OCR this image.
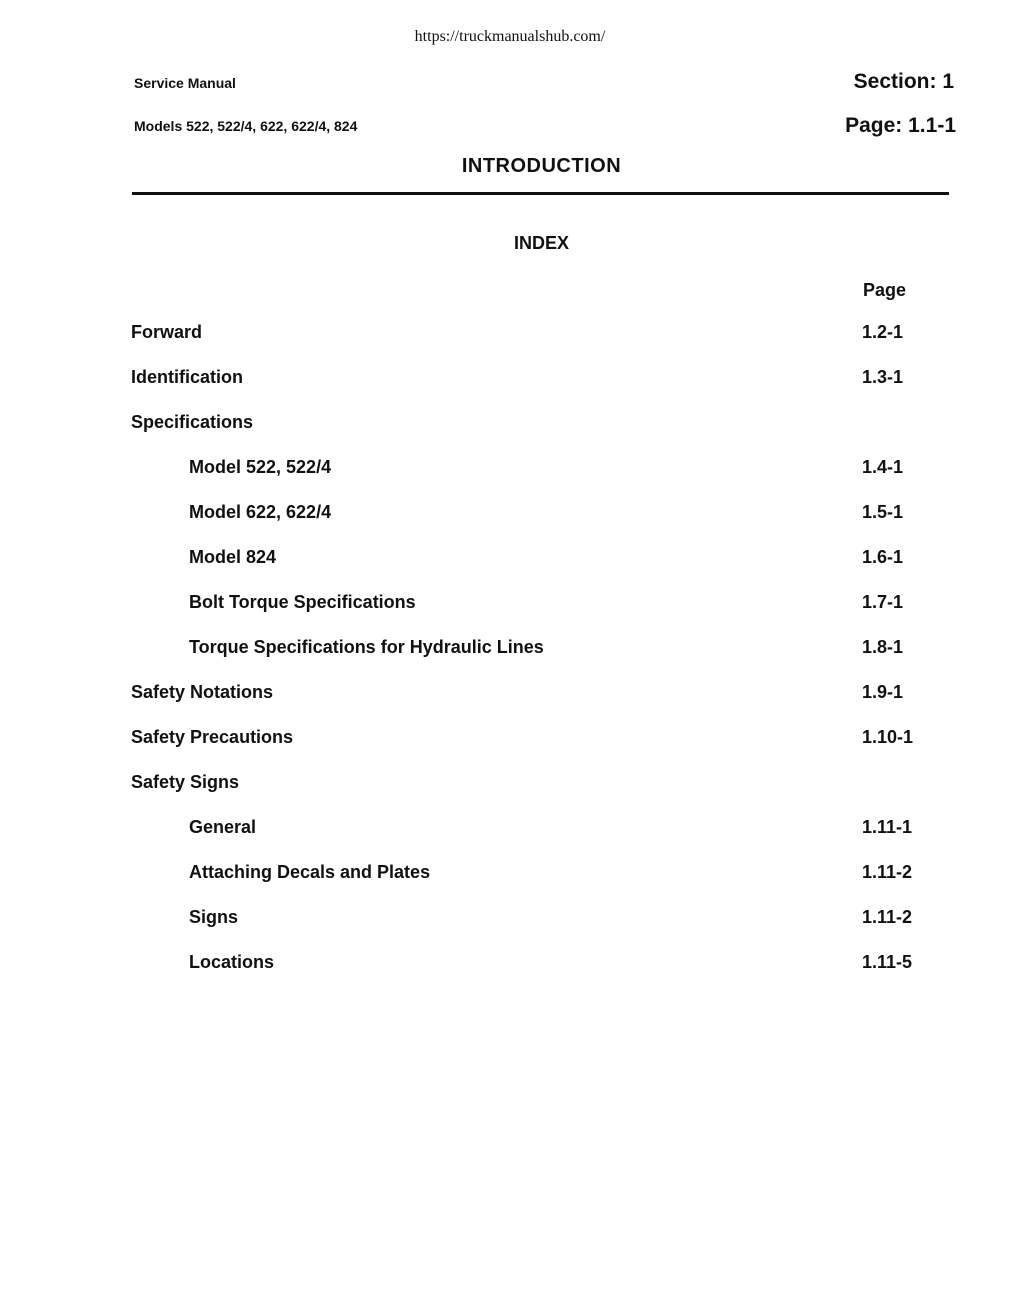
https://truckmanualshub.com/
Service Manual
Models 522, 522/4, 622, 622/4, 824
Section: 1
Page: 1.1-1
INTRODUCTION
INDEX
Page
Forward	1.2-1
Identification	1.3-1
Specifications
Model 522, 522/4	1.4-1
Model 622, 622/4	1.5-1
Model 824	1.6-1
Bolt Torque Specifications	1.7-1
Torque Specifications for Hydraulic Lines	1.8-1
Safety Notations	1.9-1
Safety Precautions	1.10-1
Safety Signs
General	1.11-1
Attaching Decals and Plates	1.11-2
Signs	1.11-2
Locations	1.11-5
